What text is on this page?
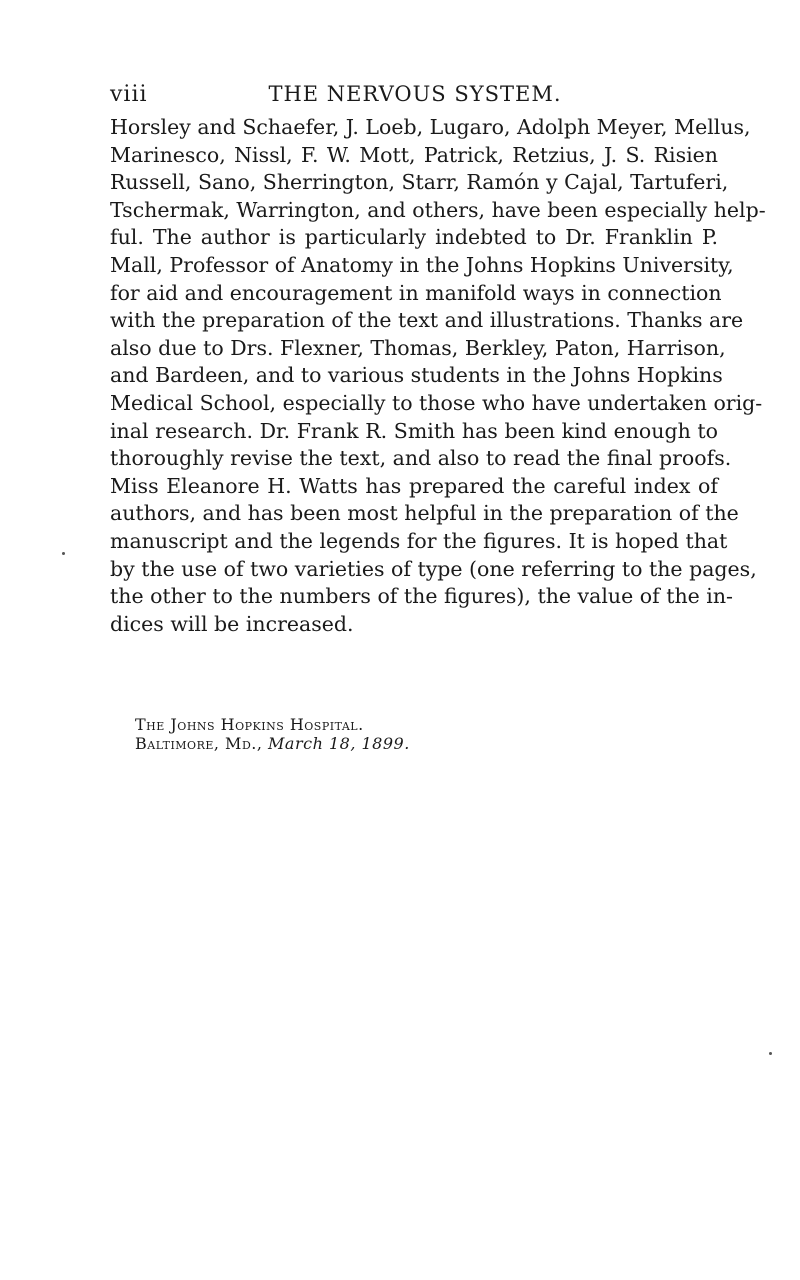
viii	THE NERVOUS SYSTEM.

Horsley and Schaefer, J. Loeb, Lugaro, Adolph Meyer, Mellus,
Marinesco, Nissl, F. W. Mott, Patrick, Retzius, J. S. Risien
Russell, Sano, Sherrington, Starr, Ramón y Cajal, Tartuferi,
Tschermak, Warrington, and others, have been especially help-
ful. The author is particularly indebted to Dr. Franklin P.
Mall, Professor of Anatomy in the Johns Hopkins University,
for aid and encouragement in manifold ways in connection
with the preparation of the text and illustrations. Thanks are
also due to Drs. Flexner, Thomas, Berkley, Paton, Harrison,
and Bardeen, and to various students in the Johns Hopkins
Medical School, especially to those who have undertaken orig-
inal research. Dr. Frank R. Smith has been kind enough to
thoroughly revise the text, and also to read the final proofs.
Miss Eleanore H. Watts has prepared the careful index of
authors, and has been most helpful in the preparation of the
manuscript and the legends for the figures. It is hoped that
by the use of two varieties of type (one referring to the pages,
the other to the numbers of the figures), the value of the in-
dices will be increased.

The Johns Hopkins Hospital.
Baltimore, Md., March 18, 1899.
